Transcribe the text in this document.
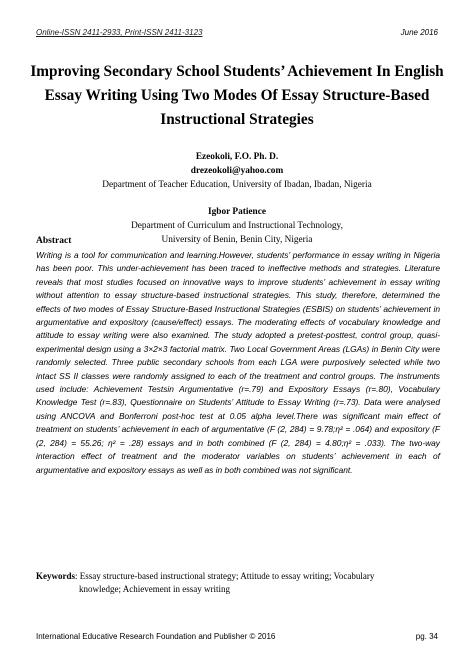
Online-ISSN 2411-2933, Print-ISSN 2411-3123	June 2016
Improving Secondary School Students’ Achievement In English Essay Writing Using Two Modes Of Essay Structure-Based Instructional Strategies
Ezeokoli, F.O. Ph. D.
drezeokoli@yahoo.com
Department of Teacher Education, University of Ibadan, Ibadan, Nigeria
Igbor Patience
Department of Curriculum and Instructional Technology,
University of Benin, Benin City, Nigeria
Abstract
Writing is a tool for communication and learning.However, students’ performance in essay writing in Nigeria has been poor. This under-achievement has been traced to ineffective methods and strategies. Literature reveals that most studies focused on innovative ways to improve students’ achievement in essay writing without attention to essay structure-based instructional strategies. This study, therefore, determined the effects of two modes of Essay Structure-Based Instructional Strategies (ESBIS) on students’ achievement in argumentative and expository (cause/effect) essays. The moderating effects of vocabulary knowledge and attitude to essay writing were also examined. The study adopted a pretest-posttest, control group, quasi-experimental design using a 3×2×3 factorial matrix. Two Local Government Areas (LGAs) in Benin City were randomly selected. Three public secondary schools from each LGA were purposively selected while two intact SS II classes were randomly assigned to each of the treatment and control groups. The instruments used include: Achievement Testsin Argumentative (r=.79) and Expository Essays (r=.80), Vocabulary Knowledge Test (r=.83), Questionnaire on Students’ Attitude to Essay Writing (r=.73). Data were analysed using ANCOVA and Bonferroni post-hoc test at 0.05 alpha level.There was significant main effect of treatment on students’ achievement in each of argumentative (F (2, 284) = 9.78;η² = .064) and expository (F (2, 284) = 55.26; η² = .28) essays and in both combined (F (2, 284) = 4.80;η² = .033). The two-way interaction effect of treatment and the moderator variables on students’ achievement in each of argumentative and expository essays as well as in both combined was not significant.
Keywords: Essay structure-based instructional strategy; Attitude to essay writing; Vocabulary
knowledge; Achievement in essay writing
International Educative Research Foundation and Publisher © 2016	pg. 34
